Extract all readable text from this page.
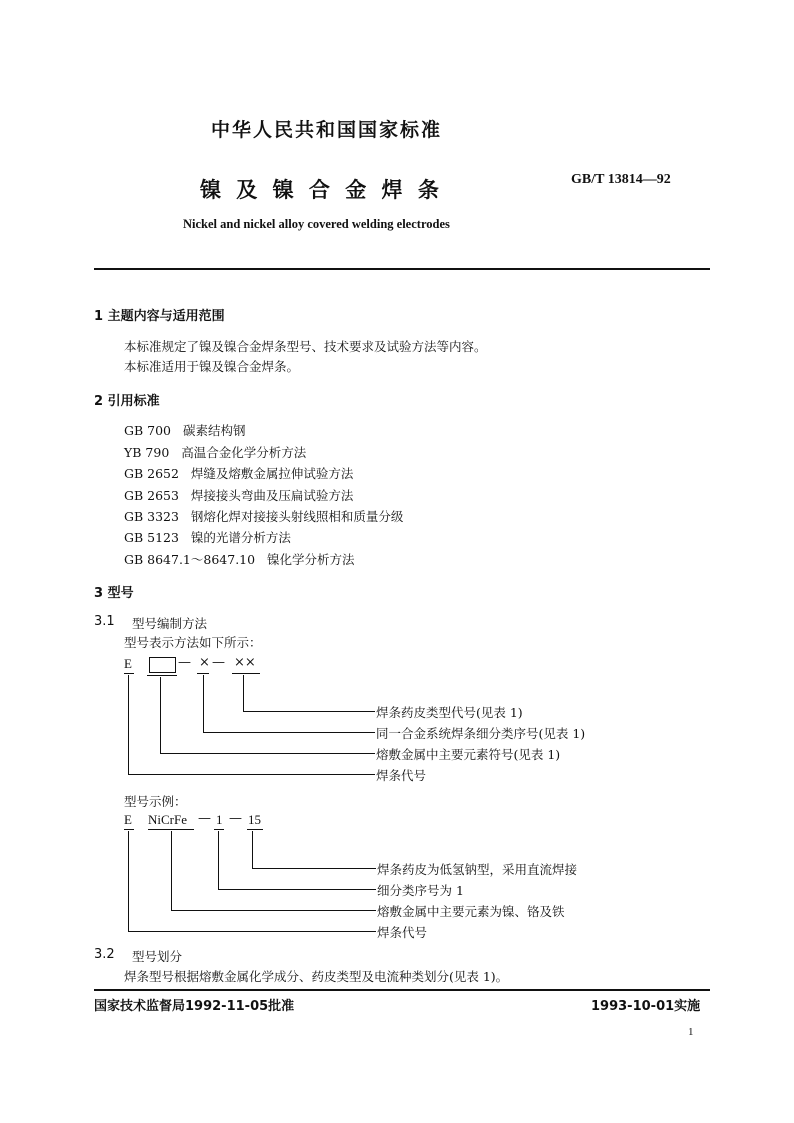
中华人民共和国国家标准
镍 及 镍 合 金 焊 条	GB/T 13814—92
Nickel and nickel alloy covered welding electrodes
1 主题内容与适用范围
本标准规定了镍及镍合金焊条型号、技术要求及试验方法等内容。
本标准适用于镍及镍合金焊条。
2 引用标准
GB 700 碳素结构钢
YB 790 高温合金化学分析方法
GB 2652 焊缝及熔敷金属拉伸试验方法
GB 2653 焊接接头弯曲及压扁试验方法
GB 3323 钢熔化焊对接接头射线照相和质量分级
GB 5123 镍的光谱分析方法
GB 8647.1～8647.10 镍化学分析方法
3 型号
3.1 型号编制方法
型号表示方法如下所示：
E	— × — ××
焊条药皮类型代号(见表 1)
同一合金系统焊条细分类序号(见表 1)
熔敷金属中主要元素符号(见表 1)
焊条代号
型号示例：
E NiCrFe — 1 — 15
焊条药皮为低氢钠型，采用直流焊接
细分类序号为 1
熔敷金属中主要元素为镍、铬及铁
焊条代号
3.2 型号划分
焊条型号根据熔敷金属化学成分、药皮类型及电流种类划分(见表 1)。
国家技术监督局1992-11-05批准	1993-10-01实施
1
